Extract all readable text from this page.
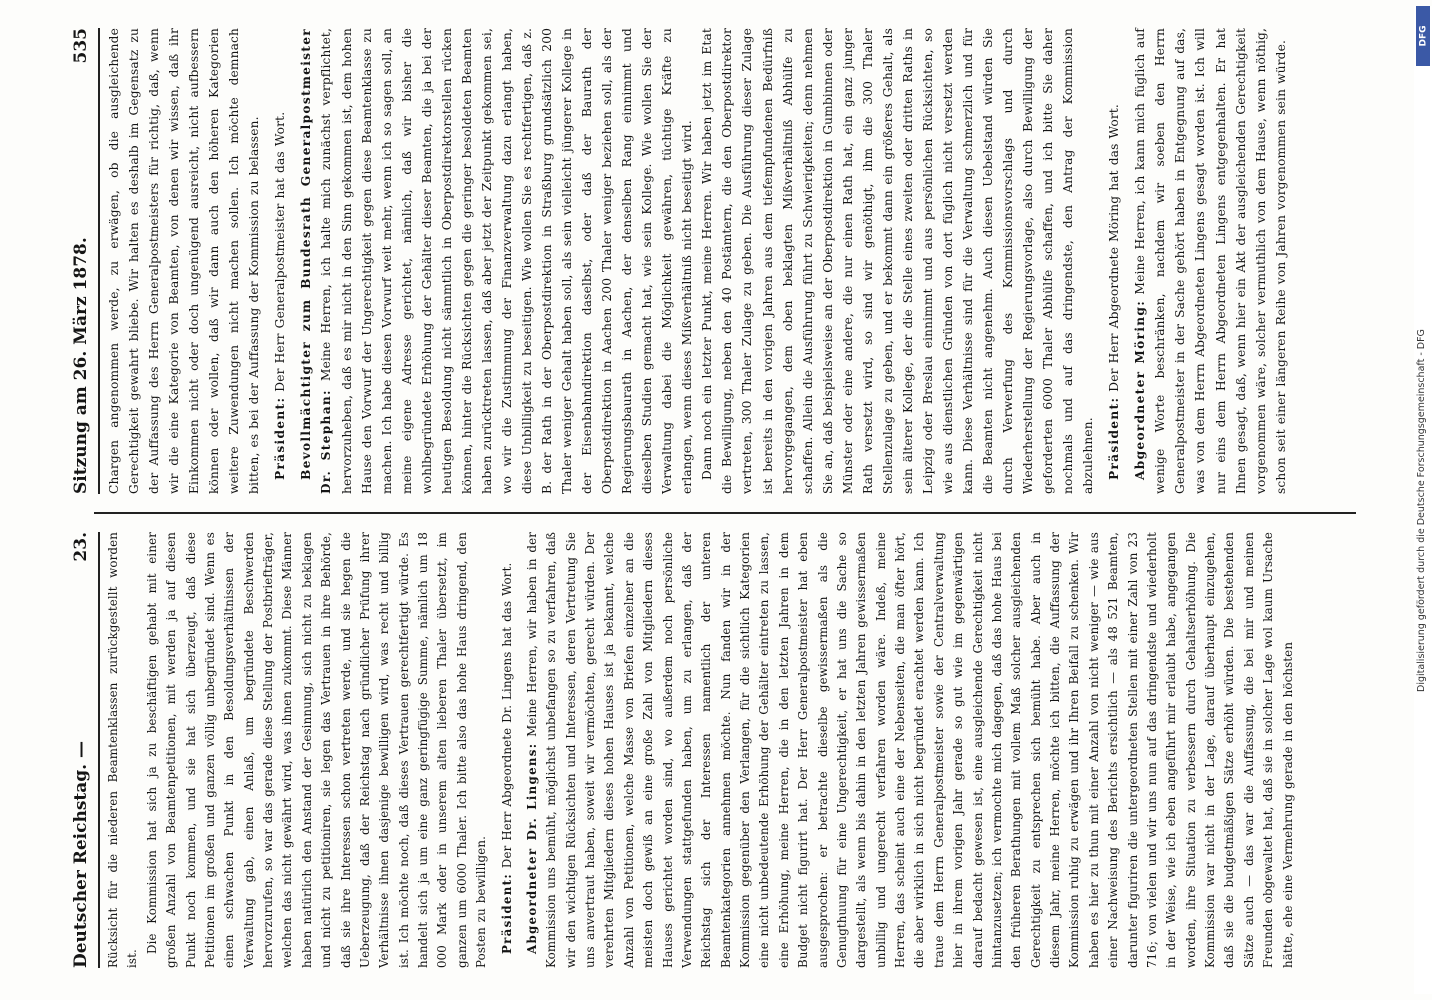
Deutscher Reichstag. —
23.
Sitzung am 26. März 1878.
535

Rücksicht für die niederen Beamtenklassen zurückgestellt worden ist.

Die Kommission hat sich ja zu beschäftigen gehabt mit einer großen Anzahl von Beamtenpetitionen, mit werden ja auf diesen Punkt noch kommen, und sie hat sich überzeugt, daß diese Petitionen im großen und ganzen völlig unbegründet sind. Wenn es einen schwachen Punkt in den Besoldungsverhältnissen der Verwaltung gab, einen Anlaß, um begründete Beschwerden hervorzurufen, so war das gerade diese Stellung der Postbriefträger, welchen das nicht gewährt wird, was ihnen zukommt. Diese Männer haben natürlich den Anstand der Gesinnung, sich nicht zu beklagen und nicht zu petitioniren, sie legen das Vertrauen in ihre Behörde, daß sie ihre Interessen schon vertreten werde, und sie hegen die Ueberzeugung, daß der Reichstag nach gründlicher Prüfung ihrer Verhältnisse ihnen dasjenige bewilligen wird, was recht und billig ist. Ich möchte noch, daß dieses Vertrauen gerechtfertigt würde. Es handelt sich ja um eine ganz geringfügige Summe, nämlich um 18 000 Mark oder in unserem alten lieberen Thaler übersetzt, im ganzen um 6000 Thaler. Ich bitte also das hohe Haus dringend, den Posten zu bewilligen. Präsident: Der Herr Abgeordnete Dr. Lingens hat das Wort. Abgeordneter Dr. Lingens: Meine Herren, wir haben in der Kommission uns bemüht, möglichst unbefangen so zu verfahren, daß wir den wichtigen Rücksichten und Interessen, deren Vertretung Sie uns anvertraut haben, soweit wir vermöchten, gerecht würden. Der verehrten Mitgliedern dieses hohen Hauses ist ja bekannt, welche Anzahl von Petitionen, welche Masse von Briefen einzelner an die meisten doch gewiß an eine große Zahl von Mitgliedern dieses Hauses gerichtet worden sind, wo außerdem noch persönliche Verwendungen stattgefunden haben, um zu erlangen, daß der Reichstag sich der Interessen namentlich der unteren Beamtenkategorien annehmen möchte. Nun fanden wir in der Kommission gegenüber den Verlangen, für die sichtlich Kategorien eine nicht unbedeutende Erhöhung der Gehälter eintreten zu lassen, eine Erhöhung, meine Herren, die in den letzten Jahren in dem Budget nicht figurirt hat. Der Herr Generalpostmeister hat eben ausgesprochen: er betrachte dieselbe gewissermaßen als die Genugthuung für eine Ungerechtigkeit, er hat uns die Sache so dargestellt, als wenn bis dahin in den letzten Jahren gewissermaßen unbillig und ungerecht verfahren worden wäre. Indeß, meine Herren, das scheint auch eine der Nebenseiten, die man öfter hört, die aber wirklich in sich nicht begründet erachtet werden kann. Ich traue dem Herrn Generalpostmeister sowie der Centralverwaltung hier in ihrem vorigen Jahr gerade so gut wie im gegenwärtigen darauf bedacht gewesen ist, eine ausgleichende Gerechtigkeit nicht hintanzusetzen; ich vermochte mich dagegen, daß das hohe Haus bei den früheren Berathungen mit vollem Maß solcher ausgleichenden Gerechtigkeit zu entsprechen sich bemüht habe. Aber auch in diesem Jahr, meine Herren, möchte ich bitten, die Auffassung der Kommission ruhig zu erwägen und ihr Ihren Beifall zu schenken. Wir haben es hier zu thun mit einer Anzahl von nicht weniger — wie aus einer Nachweisung des Berichts ersichtlich — als 48 521 Beamten, darunter figuriren die untergeordneten Stellen mit einer Zahl von 23 716; von vielen und wir uns nun auf das dringendste und wiederholt in der Weise, wie ich eben angeführt mir erlaubt habe, angegangen worden, ihre Situation zu verbessern durch Gehaltserhöhung. Die Kommission war nicht in der Lage, darauf überhaupt einzugehen, daß sie die budgetmäßigen Sätze erhöht würden. Die bestehenden Sätze auch — das war die Auffassung, die bei mir und meinen Freunden obgewaltet hat, daß sie in solcher Lage wol kaum Ursache hätte, ehe eine Vermehrung gerade in den höchsten

Chargen angenommen werde, zu erwägen, ob die ausgleichende Gerechtigkeit gewahrt bliebe. Wir halten es deshalb im Gegensatz zu der Auffassung des Herrn Generalpostmeisters für richtig, daß, wenn wir die eine Kategorie von Beamten, von denen wir wissen, daß ihr Einkommen nicht oder doch ungenügend ausreicht, nicht aufbessern können oder wollen, daß wir dann auch den höheren Kategorien weitere Zuwendungen nicht machen sollen. Ich möchte demnach bitten, es bei der Auffassung der Kommission zu belassen. Präsident: Der Herr Generalpostmeister hat das Wort. Bevollmächtigter zum Bundesrath Generalpostmeister Dr. Stephan: Meine Herren, ich halte mich zunächst verpflichtet, hervorzuheben, daß es mir nicht in den Sinn gekommen ist, dem hohen Hause den Vorwurf der Ungerechtigkeit gegen diese Beamtenklasse zu machen. Ich habe diesen Vorwurf weit mehr, wenn ich so sagen soll, an meine eigene Adresse gerichtet, nämlich, daß wir bisher die wohlbegründete Erhöhung der Gehälter dieser Beamten, die ja bei der heutigen Besoldung nicht sämmtlich in Oberpostdirektorstellen rücken können, hinter die Rücksichten gegen die geringer besoldeten Beamten haben zurücktreten lassen, daß aber jetzt der Zeitpunkt gekommen sei, wo wir die Zustimmung der Finanzverwaltung dazu erlangt haben, diese Unbilligkeit zu beseitigen. Wie wollen Sie es rechtfertigen, daß z. B. der Rath in der Oberpostdirektion in Straßburg grundsätzlich 200 Thaler weniger Gehalt haben soll, als sein vielleicht jüngerer Kollege in der Eisenbahndirektion daselbst, oder daß der Baurath der Oberpostdirektion in Aachen 200 Thaler weniger beziehen soll, als der Regierungsbaurath in Aachen, der denselben Rang einnimmt und dieselben Studien gemacht hat, wie sein Kollege. Wie wollen Sie der Verwaltung dabei die Möglichkeit gewähren, tüchtige Kräfte zu erlangen, wenn dieses Mißverhältniß nicht beseitigt wird. Dann noch ein letzter Punkt, meine Herren. Wir haben jetzt im Etat die Bewilligung, neben den 40 Postämtern, die den Oberpostdirektor vertreten, 300 Thaler Zulage zu geben. Die Ausführung dieser Zulage ist bereits in den vorigen Jahren aus dem tiefempfundenen Bedürfniß hervorgegangen, dem oben beklagten Mißverhältniß Abhülfe zu schaffen. Allein die Ausführung führt zu Schwierigkeiten; denn nehmen Sie an, daß beispielsweise an der Oberpostdirektion in Gumbinnen oder Münster oder eine andere, die nur einen Rath hat, ein ganz junger Rath versetzt wird, so sind wir genöthigt, ihm die 300 Thaler Stellenzulage zu geben, und er bekommt dann ein größeres Gehalt, als sein älterer Kollege, der die Stelle eines zweiten oder dritten Raths in Leipzig oder Breslau einnimmt und aus persönlichen Rücksichten, so wie aus dienstlichen Gründen von dort füglich nicht versetzt werden kann. Diese Verhältnisse sind für die Verwaltung schmerzlich und für die Beamten nicht angenehm. Auch diesen Uebelstand würden Sie durch Verwerfung des Kommissionsvorschlags und durch Wiederherstellung der Regierungsvorlage, also durch Bewilligung der geforderten 6000 Thaler Abhülfe schaffen, und ich bitte Sie daher nochmals und auf das dringendste, den Antrag der Kommission abzulehnen. Präsident: Der Herr Abgeordnete Möring hat das Wort. Abgeordneter Möring: Meine Herren, ich kann mich füglich auf wenige Worte beschränken, nachdem wir soeben den Herrn Generalpostmeister in der Sache gehört haben in Entgegnung auf das, was von dem Herrn Abgeordneten Lingens gesagt worden ist. Ich will nur eins dem Herrn Abgeordneten Lingens entgegenhalten. Er hat Ihnen gesagt, daß, wenn hier ein Akt der ausgleichenden Gerechtigkeit vorgenommen wäre, solcher vermuthlich von dem Hause, wenn nöthig, schon seit einer längeren Reihe von Jahren vorgenommen sein würde.

DFG
Digitalisierung gefördert durch die Deutsche Forschungsgemeinschaft - DFG
